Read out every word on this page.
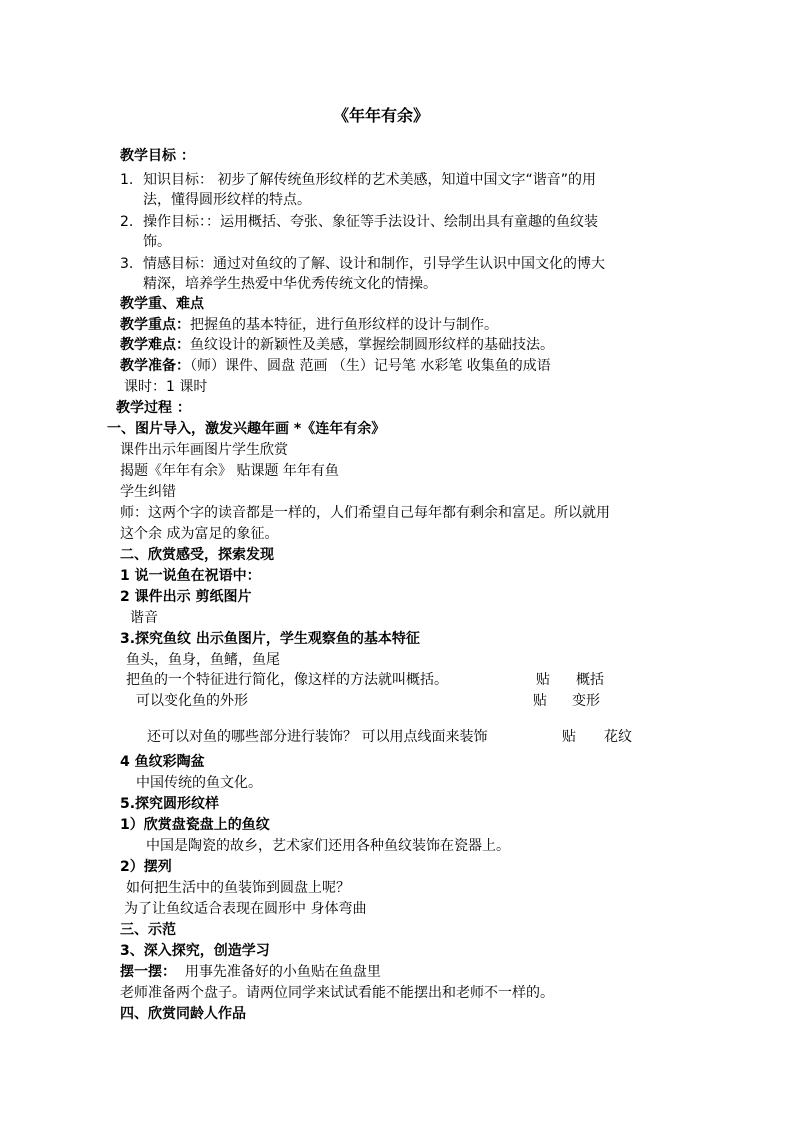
《年年有余》
教学目标 ：
1. 知识目标： 初步了解传统鱼形纹样的艺术美感，知道中国文字“谐音”的用
法，懂得圆形纹样的特点。
2. 操作目标：：运用概括、夸张、象征等手法设计、绘制出具有童趣的鱼纹装
饰。
3. 情感目标：通过对鱼纹的了解、设计和制作，引导学生认识中国文化的博大
精深，培养学生热爱中华优秀传统文化的情操。
教学重、难点
教学重点：把握鱼的基本特征，进行鱼形纹样的设计与制作。
教学难点：鱼纹设计的新颖性及美感，掌握绘制圆形纹样的基础技法。
教学准备：（师）课件、圆盘 范画 （生）记号笔 水彩笔 收集鱼的成语
课时：1 课时
教学过程 ：
一、图片导入，激发兴趣年画 *《连年有余》
课件出示年画图片学生欣赏
揭题《年年有余》 贴课题 年年有鱼
学生纠错
师：这两个字的读音都是一样的，人们希望自己每年都有剩余和富足。所以就用
这个余 成为富足的象征。
二、欣赏感受，探索发现
1 说一说鱼在祝语中：
2 课件出示 剪纸图片
谐音
3.探究鱼纹 出示鱼图片，学生观察鱼的基本特征
鱼头，鱼身，鱼鳍，鱼尾
把鱼的一个特征进行简化，像这样的方法就叫概括。	贴 概括
可以变化鱼的外形	贴 变形
还可以对鱼的哪些部分进行装饰？ 可以用点线面来装饰	贴 花纹
4 鱼纹彩陶盆
中国传统的鱼文化。
5.探究圆形纹样
1）欣赏盘瓷盘上的鱼纹
中国是陶瓷的故乡，艺术家们还用各种鱼纹装饰在瓷器上。
2）摆列
如何把生活中的鱼装饰到圆盘上呢？
为了让鱼纹适合表现在圆形中 身体弯曲
三、示范
3、深入探究，创造学习
摆一摆： 用事先准备好的小鱼贴在鱼盘里
老师准备两个盘子。请两位同学来试试看能不能摆出和老师不一样的。
四、欣赏同龄人作品
